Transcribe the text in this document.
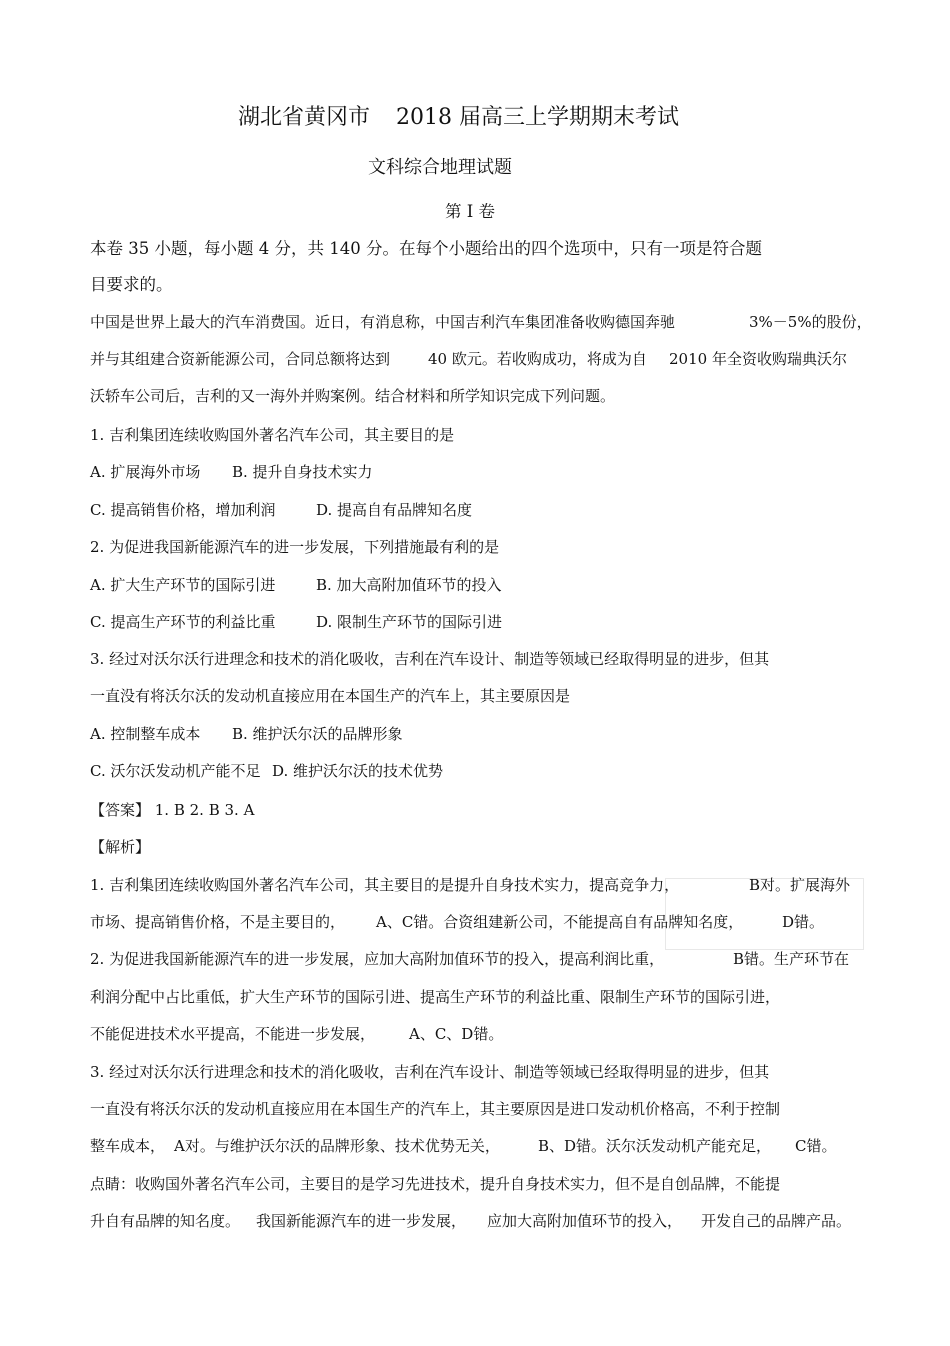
湖北省黄冈市 2018 届高三上学期期末考试
文科综合地理试题
第 I 卷
本卷 35 小题，每小题 4 分，共 140 分。在每个小题给出的四个选项中，只有一项是符合题
目要求的。
中国是世界上最大的汽车消费国。近日，有消息称，中国吉利汽车集团准备收购德国奔驰	3%－5%的股份，
并与其组建合资新能源公司，合同总额将达到	40 欧元。若收购成功，将成为自 2010 年全资收购瑞典沃尔
沃轿车公司后，吉利的又一海外并购案例。结合材料和所学知识完成下列问题。
1. 吉利集团连续收购国外著名汽车公司，其主要目的是
A. 扩展海外市场 B. 提升自身技术实力
C. 提高销售价格，增加利润	D. 提高自有品牌知名度
2. 为促进我国新能源汽车的进一步发展，下列措施最有利的是
A. 扩大生产环节的国际引进	B. 加大高附加值环节的投入
C. 提高生产环节的利益比重	D. 限制生产环节的国际引进
3. 经过对沃尔沃行进理念和技术的消化吸收，吉利在汽车设计、制造等领域已经取得明显的进步，但其
一直没有将沃尔沃的发动机直接应用在本国生产的汽车上，其主要原因是
A. 控制整车成本 B. 维护沃尔沃的品牌形象
C. 沃尔沃发动机产能不足 D. 维护沃尔沃的技术优势
【答案】 1. B 2. B 3. A
【解析】
1. 吉利集团连续收购国外著名汽车公司，其主要目的是提升自身技术实力，提高竞争力，	B对。扩展海外
市场、提高销售价格，不是主要目的， A、C错。合资组建新公司，不能提高自有品牌知名度，	D错。
2. 为促进我国新能源汽车的进一步发展，应加大高附加值环节的投入，提高利润比重，	B错。生产环节在
利润分配中占比重低，扩大生产环节的国际引进、提高生产环节的利益比重、限制生产环节的国际引进，
不能促进技术水平提高，不能进一步发展， A、C、D错。
3. 经过对沃尔沃行进理念和技术的消化吸收，吉利在汽车设计、制造等领域已经取得明显的进步，但其
一直没有将沃尔沃的发动机直接应用在本国生产的汽车上，其主要原因是进口发动机价格高，不利于控制
整车成本， A对。与维护沃尔沃的品牌形象、技术优势无关，	B、D错。沃尔沃发动机产能充足， C错。
点睛：收购国外著名汽车公司，主要目的是学习先进技术，提升自身技术实力，但不是自创品牌，不能提
升自有品牌的知名度。 我国新能源汽车的进一步发展， 应加大高附加值环节的投入， 开发自己的品牌产品。
